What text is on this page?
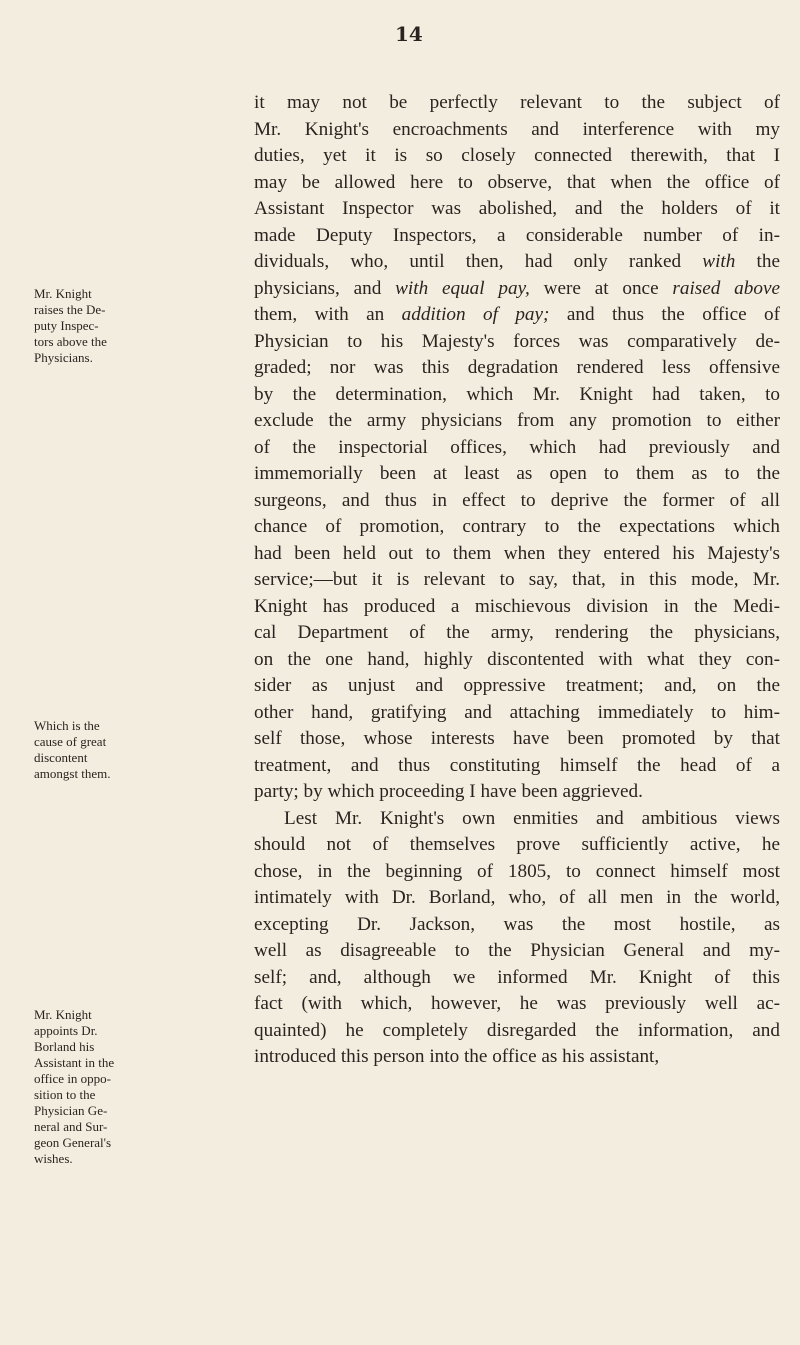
14
Mr. Knight
raises the De-
puty Inspec-
tors above the
Physicians.
Which is the
cause of great
discontent
amongst them.
Mr. Knight
appoints Dr.
Borland his
Assistant in the
office in oppo-
sition to the
Physician Ge-
neral and Sur-
geon General's
wishes.
it may not be perfectly relevant to the subject of
Mr. Knight's encroachments and interference with my
duties, yet it is so closely connected therewith, that I
may be allowed here to observe, that when the office of
Assistant Inspector was abolished, and the holders of it
made Deputy Inspectors, a considerable number of in-
dividuals, who, until then, had only ranked with the
physicians, and with equal pay, were at once raised above
them, with an addition of pay; and thus the office of
Physician to his Majesty's forces was comparatively de-
graded; nor was this degradation rendered less offensive
by the determination, which Mr. Knight had taken, to
exclude the army physicians from any promotion to either
of the inspectorial offices, which had previously and
immemorially been at least as open to them as to the
surgeons, and thus in effect to deprive the former of all
chance of promotion, contrary to the expectations which
had been held out to them when they entered his Majesty's
service;—but it is relevant to say, that, in this mode, Mr.
Knight has produced a mischievous division in the Medi-
cal Department of the army, rendering the physicians,
on the one hand, highly discontented with what they con-
sider as unjust and oppressive treatment; and, on the
other hand, gratifying and attaching immediately to him-
self those, whose interests have been promoted by that
treatment, and thus constituting himself the head of a
party; by which proceeding I have been aggrieved.
Lest Mr. Knight's own enmities and ambitious views
should not of themselves prove sufficiently active, he
chose, in the beginning of 1805, to connect himself most
intimately with Dr. Borland, who, of all men in the world,
excepting Dr. Jackson, was the most hostile, as
well as disagreeable to the Physician General and my-
self; and, although we informed Mr. Knight of this
fact (with which, however, he was previously well ac-
quainted) he completely disregarded the information, and
introduced this person into the office as his assistant,
